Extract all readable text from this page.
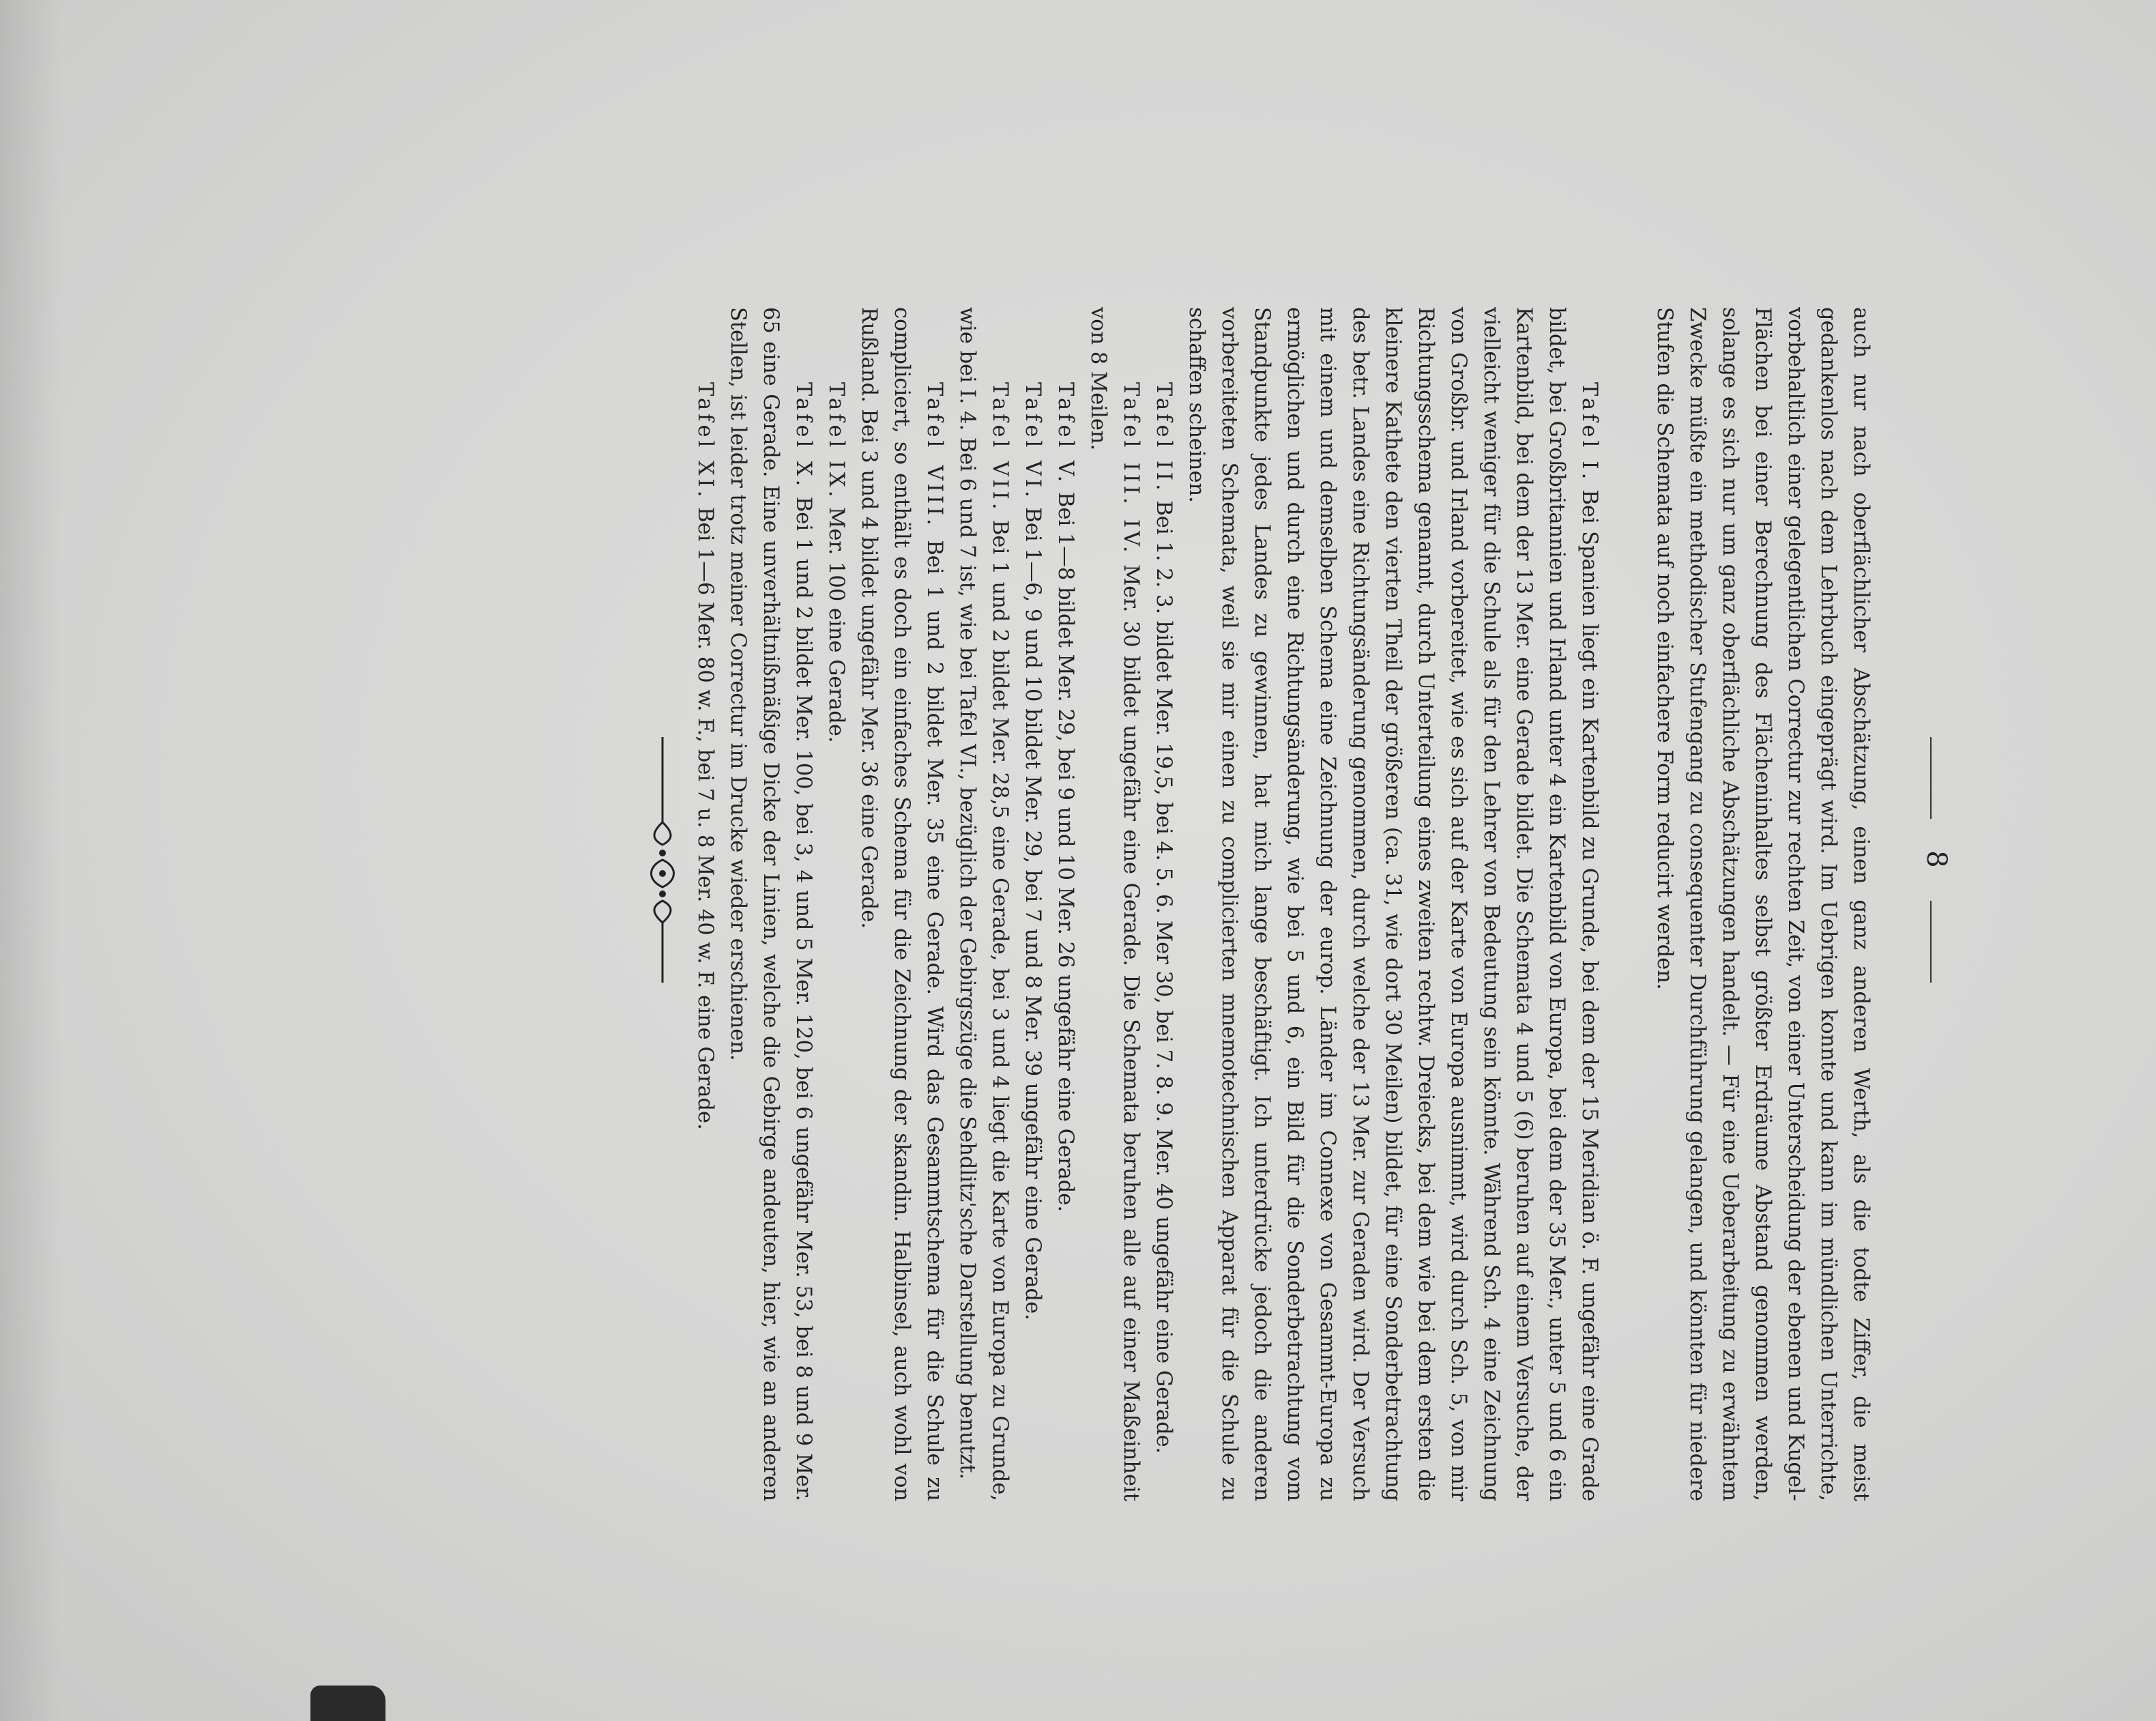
8

auch nur nach oberflächlicher Abschätzung, einen ganz anderen Werth, als die todte Ziffer, die meist gedankenlos nach dem Lehrbuch eingeprägt wird. Im Uebrigen konnte und kann im mündlichen Unterrichte, vorbehaltlich einer gelegentlichen Correctur zur rechten Zeit, von einer Unterscheidung der ebenen und Kugel-Flächen bei einer Berechnung des Flächeninhaltes selbst größter Erdräume Abstand genommen werden, solange es sich nur um ganz oberflächliche Abschätzungen handelt. — Für eine Ueberarbeitung zu erwähntem Zwecke müßte ein methodischer Stufengang zu consequenter Durchführung gelangen, und könnten für niedere Stufen die Schemata auf noch einfachere Form reducirt werden.

Tafel I. Bei Spanien liegt ein Kartenbild zu Grunde, bei dem der 15 Meridian ö. F. ungefähr eine Grade bildet, bei Großbritannien und Irland unter 4 ein Kartenbild von Europa, bei dem der 35 Mer., unter 5 und 6 ein Kartenbild, bei dem der 13 Mer. eine Gerade bildet. Die Schemata 4 und 5 (6) beruhen auf einem Versuche, der vielleicht weniger für die Schule als für den Lehrer von Bedeutung sein könnte. Während Sch. 4 eine Zeichnung von Großbr. und Irland vorbereitet, wie es sich auf der Karte von Europa ausnimmt, wird durch Sch. 5, von mir Richtungsschema genannt, durch Unterteilung eines zweiten rechtw. Dreiecks, bei dem wie bei dem ersten die kleinere Kathete den vierten Theil der größeren (ca. 31, wie dort 30 Meilen) bildet, für eine Sonderbetrachtung des betr. Landes eine Richtungsänderung genommen, durch welche der 13 Mer. zur Geraden wird. Der Versuch mit einem und demselben Schema eine Zeichnung der europ. Länder im Connexe von Gesammt-Europa zu ermöglichen und durch eine Richtungsänderung, wie bei 5 und 6, ein Bild für die Sonderbetrachtung vom Standpunkte jedes Landes zu gewinnen, hat mich lange beschäftigt. Ich unterdrücke jedoch die anderen vorbereiteten Schemata, weil sie mir einen zu complicierten mnemotechnischen Apparat für die Schule zu schaffen scheinen.

Tafel II. Bei 1. 2. 3. bildet Mer. 19,5, bei 4. 5. 6. Mer 30, bei 7. 8. 9. Mer. 40 ungefähr eine Gerade.

Tafel III. IV. Mer. 30 bildet ungefähr eine Gerade. Die Schemata beruhen alle auf einer Maßeinheit von 8 Meilen.

Tafel V. Bei 1—8 bildet Mer. 29, bei 9 und 10 Mer. 26 ungefähr eine Gerade.

Tafel VI. Bei 1—6, 9 und 10 bildet Mer. 29, bei 7 und 8 Mer. 39 ungefähr eine Gerade.

Tafel VII. Bei 1 und 2 bildet Mer. 28,5 eine Gerade, bei 3 und 4 liegt die Karte von Europa zu Grunde, wie bei I. 4. Bei 6 und 7 ist, wie bei Tafel VI., bezüglich der Gebirgszüge die Sehdlitz'sche Darstellung benutzt.

Tafel VIII. Bei 1 und 2 bildet Mer. 35 eine Gerade. Wird das Gesammtschema für die Schule zu compliciert, so enthält es doch ein einfaches Schema für die Zeichnung der skandin. Halbinsel, auch wohl von Rußland. Bei 3 und 4 bildet ungefähr Mer. 36 eine Gerade.

Tafel IX. Mer. 100 eine Gerade.

Tafel X. Bei 1 und 2 bildet Mer. 100, bei 3, 4 und 5 Mer. 120, bei 6 ungefähr Mer. 53, bei 8 und 9 Mer. 65 eine Gerade. Eine unverhältnißmäßige Dicke der Linien, welche die Gebirge andeuten, hier, wie an anderen Stellen, ist leider trotz meiner Correctur im Drucke wieder erschienen.

Tafel XI. Bei 1—6 Mer. 80 w. F., bei 7 u. 8 Mer. 40 w. F. eine Gerade.
